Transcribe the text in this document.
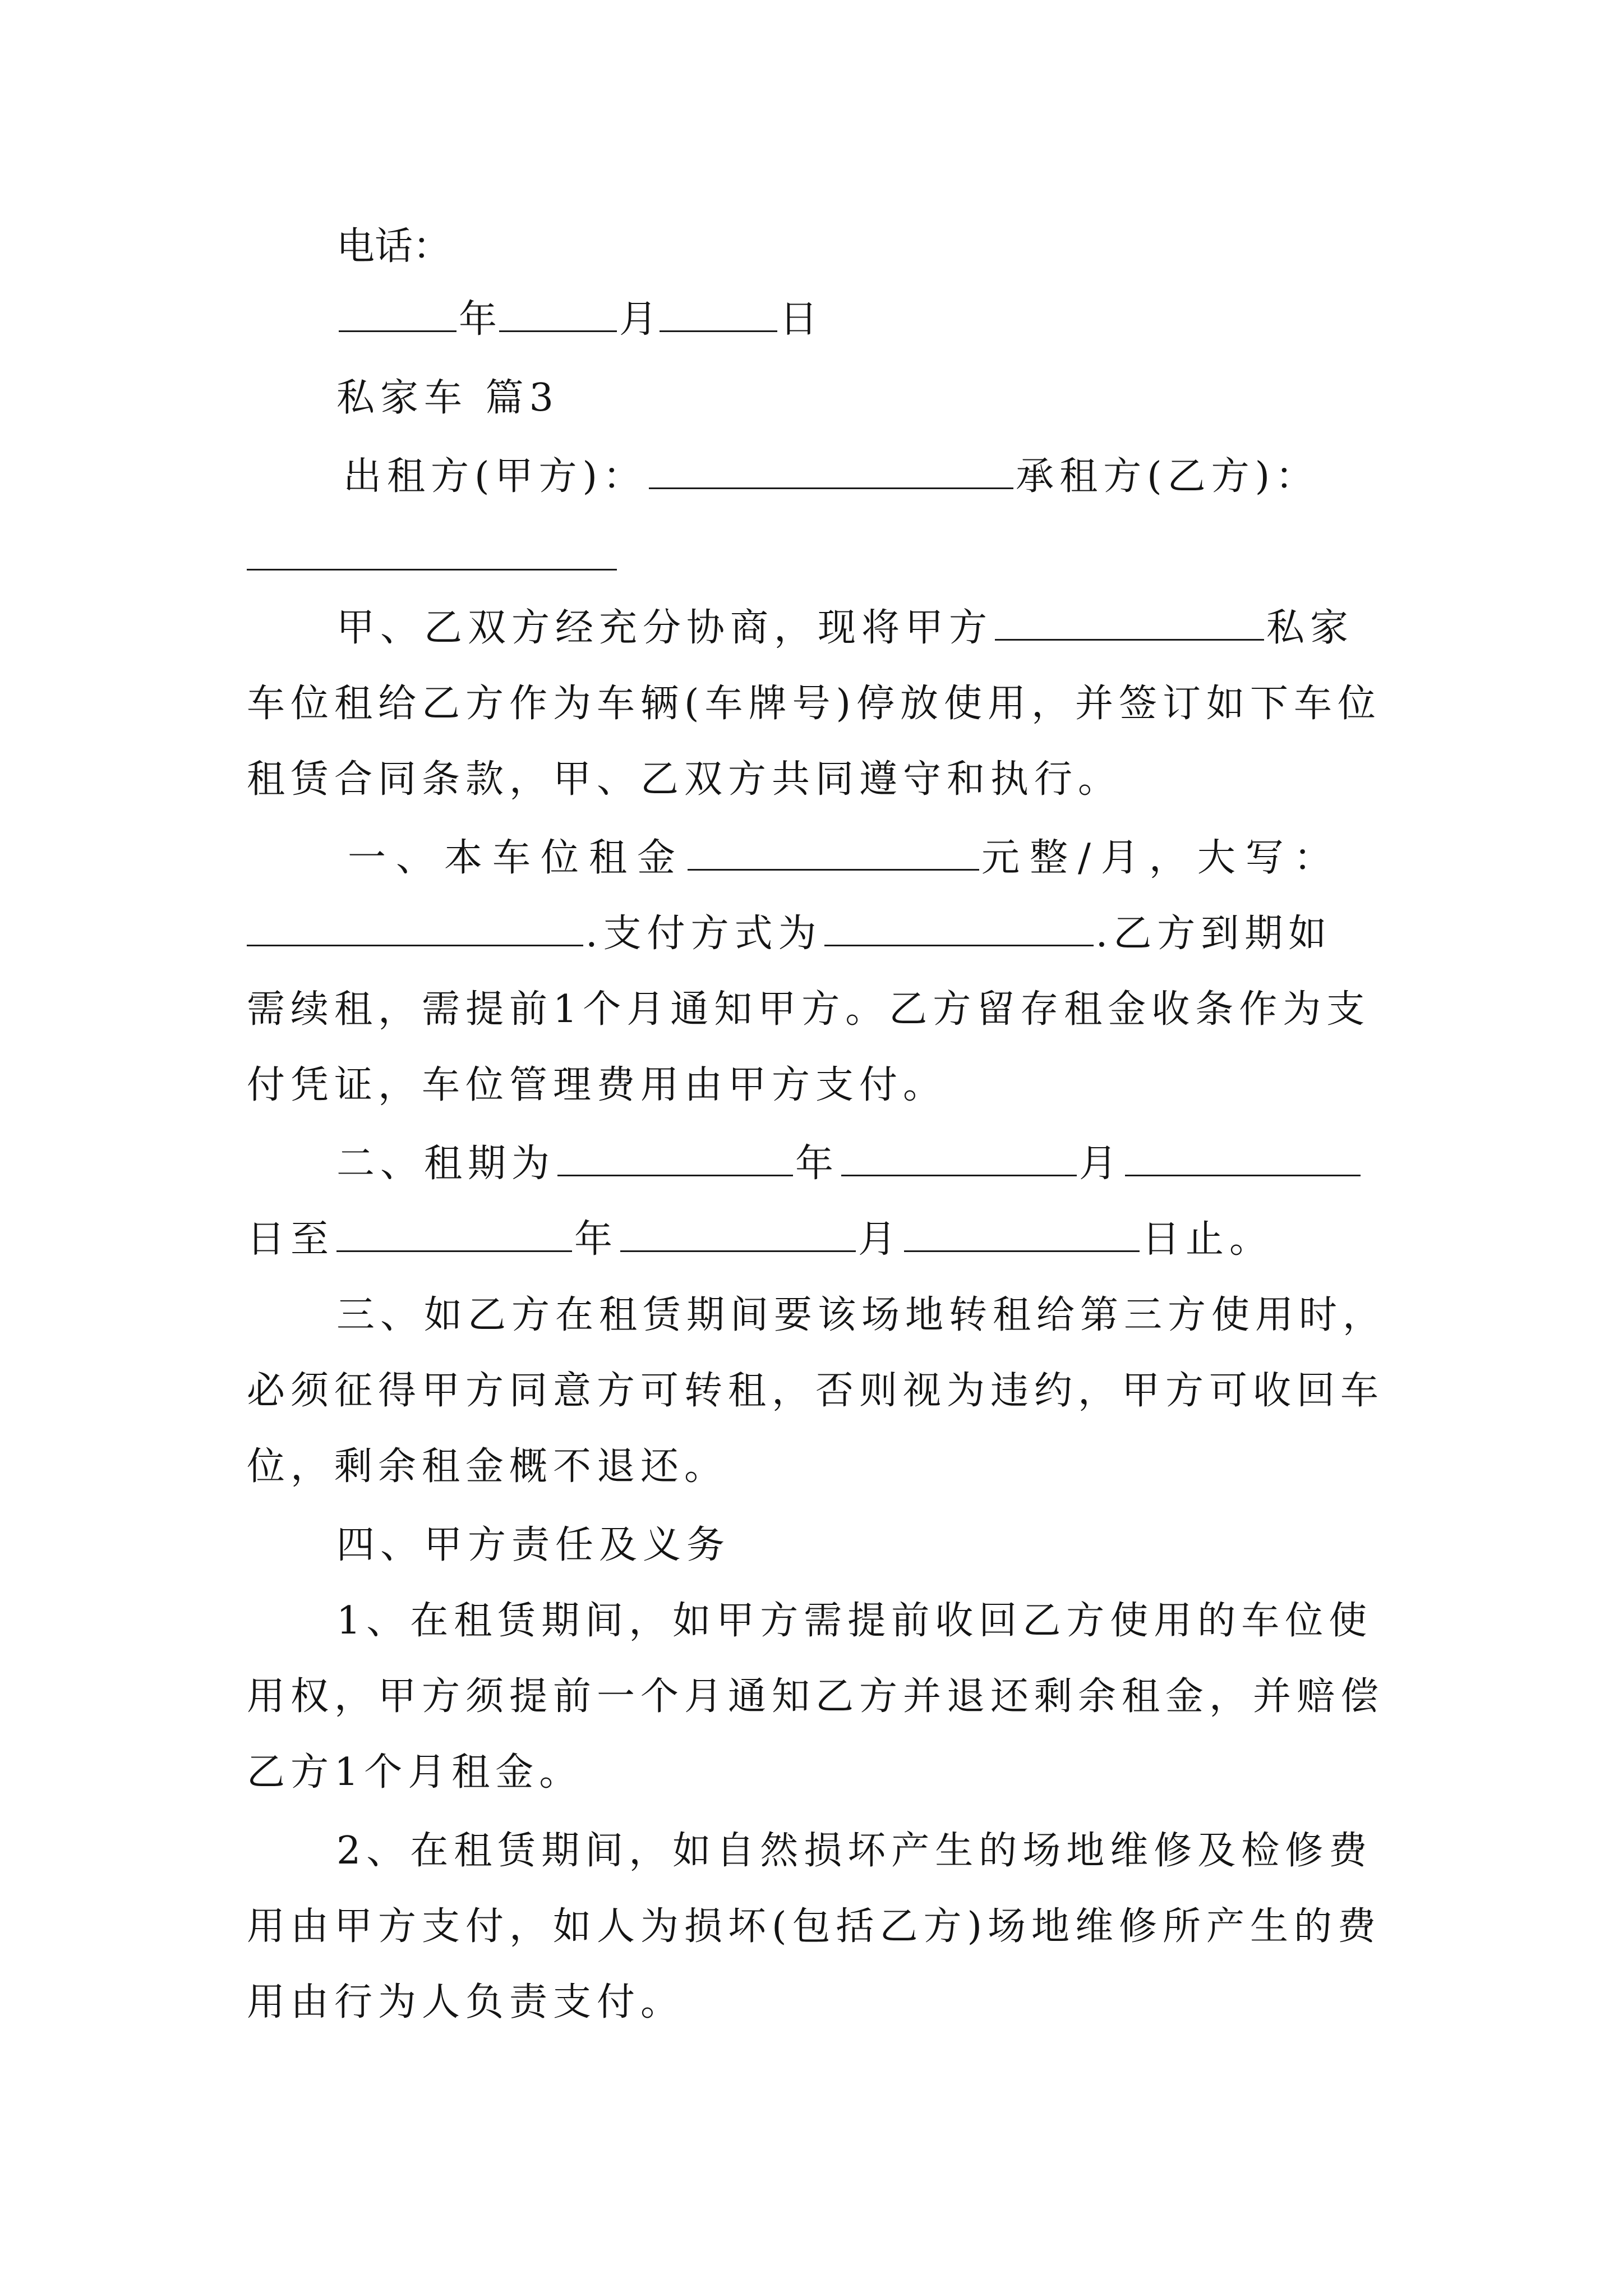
电话：
年	月	日
私家车 篇3
出租方(甲方)：	承租方(乙方)：
甲、乙双方经充分协商，现将甲方	私家
车位租给乙方作为车辆(车牌号)停放使用，并签订如下车位
租赁合同条款，甲、乙双方共同遵守和执行。
一、本车位租金	元整/月，大写：
.支付方式为	.乙方到期如
需续租，需提前1个月通知甲方。乙方留存租金收条作为支
付凭证，车位管理费用由甲方支付。
二、租期为	年	月
日至	年	月	日止。
三、如乙方在租赁期间要该场地转租给第三方使用时，
必须征得甲方同意方可转租，否则视为违约，甲方可收回车
位，剩余租金概不退还。
四、甲方责任及义务
1、在租赁期间，如甲方需提前收回乙方使用的车位使
用权，甲方须提前一个月通知乙方并退还剩余租金，并赔偿
乙方1个月租金。
2、在租赁期间，如自然损坏产生的场地维修及检修费
用由甲方支付，如人为损坏(包括乙方)场地维修所产生的费
用由行为人负责支付。
